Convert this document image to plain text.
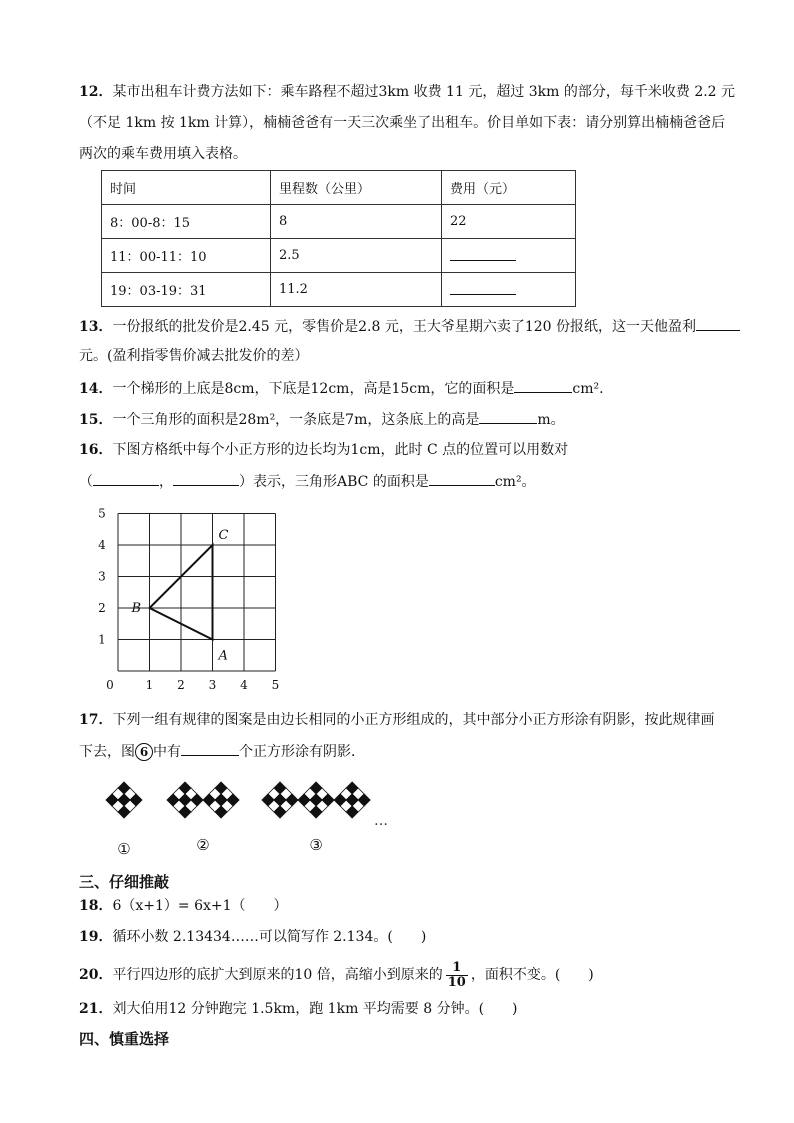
12．某市出租车计费方法如下：乘车路程不超过3km 收费 11 元，超过 3km 的部分，每千米收费 2.2 元
（不足 1km 按 1km 计算），楠楠爸爸有一天三次乘坐了出租车。价目单如下表：请分别算出楠楠爸爸后
两次的乘车费用填入表格。
时间	里程数（公里）	费用（元）
8：00-8：15	8	22
11：00-11：10	2.5	
19：03-19：31	11.2	
13．一份报纸的批发价是2.45 元，零售价是2.8 元，王大爷星期六卖了120 份报纸，这一天他盈利
元。(盈利指零售价减去批发价的差）
14．一个梯形的上底是8cm，下底是12cm，高是15cm，它的面积是	cm².
15．一个三角形的面积是28m²，一条底是7m，这条底上的高是	m。
16．下图方格纸中每个小正方形的边长均为1cm，此时 C 点的位置可以用数对
（	，	）表示，三角形ABC 的面积是	cm²。
0	1 2 3 4 5
1
2
3
4
5
A
B
C
17．下列一组有规律的图案是由边长相同的小正方形组成的，其中部分小正方形涂有阴影，按此规律画
下去，图 6 中有	个正方形涂有阴影．
①	②	③
…
三、仔细推敲
18．6（x+1）= 6x+1（　　）
19．循环小数 2.13434……可以简写作 2.134。(　　)
20．平行四边形的底扩大到原来的10 倍，高缩小到原来的 $\frac{1}{10}$ ，面积不变。(　　)
21．刘大伯用12 分钟跑完 1.5km，跑 1km 平均需要 8 分钟。(　　)
四、慎重选择
